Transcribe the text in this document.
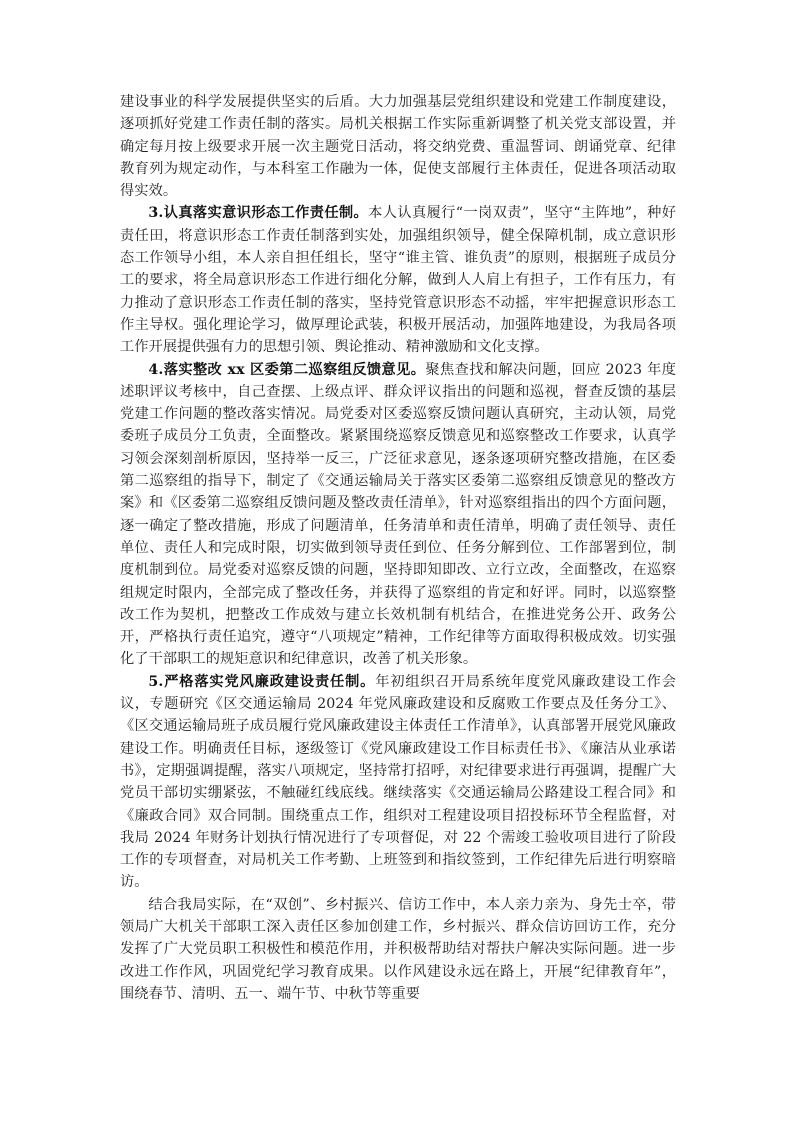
建设事业的科学发展提供坚实的后盾。大力加强基层党组织建设和党建工作制度建设，逐项抓好党建工作责任制的落实。局机关根据工作实际重新调整了机关党支部设置，并确定每月按上级要求开展一次主题党日活动，将交纳党费、重温誓词、朗诵党章、纪律教育列为规定动作，与本科室工作融为一体，促使支部履行主体责任，促进各项活动取得实效。

3.认真落实意识形态工作责任制。本人认真履行“一岗双责”，坚守“主阵地”，种好责任田，将意识形态工作责任制落到实处，加强组织领导，健全保障机制，成立意识形态工作领导小组，本人亲自担任组长，坚守“谁主管、谁负责”的原则，根据班子成员分工的要求，将全局意识形态工作进行细化分解，做到人人肩上有担子，工作有压力，有力推动了意识形态工作责任制的落实，坚持党管意识形态不动摇，牢牢把握意识形态工作主导权。强化理论学习，做厚理论武装，积极开展活动，加强阵地建设，为我局各项工作开展提供强有力的思想引领、舆论推动、精神激励和文化支撑。

4.落实整改 xx 区委第二巡察组反馈意见。聚焦查找和解决问题，回应 2023 年度述职评议考核中，自己查摆、上级点评、群众评议指出的问题和巡视，督查反馈的基层党建工作问题的整改落实情况。局党委对区委巡察反馈问题认真研究，主动认领，局党委班子成员分工负责，全面整改。紧紧围绕巡察反馈意见和巡察整改工作要求，认真学习领会深刻剖析原因，坚持举一反三，广泛征求意见，逐条逐项研究整改措施，在区委第二巡察组的指导下，制定了《交通运输局关于落实区委第二巡察组反馈意见的整改方案》和《区委第二巡察组反馈问题及整改责任清单》，针对巡察组指出的四个方面问题，逐一确定了整改措施，形成了问题清单，任务清单和责任清单，明确了责任领导、责任单位、责任人和完成时限，切实做到领导责任到位、任务分解到位、工作部署到位，制度机制到位。局党委对巡察反馈的问题，坚持即知即改、立行立改，全面整改，在巡察组规定时限内，全部完成了整改任务，并获得了巡察组的肯定和好评。同时，以巡察整改工作为契机，把整改工作成效与建立长效机制有机结合，在推进党务公开、政务公开，严格执行责任追究，遵守“八项规定”精神，工作纪律等方面取得积极成效。切实强化了干部职工的规矩意识和纪律意识，改善了机关形象。

5.严格落实党风廉政建设责任制。年初组织召开局系统年度党风廉政建设工作会议，专题研究《区交通运输局 2024 年党风廉政建设和反腐败工作要点及任务分工》、《区交通运输局班子成员履行党风廉政建设主体责任工作清单》，认真部署开展党风廉政建设工作。明确责任目标，逐级签订《党风廉政建设工作目标责任书》、《廉洁从业承诺书》，定期强调提醒，落实八项规定，坚持常打招呼，对纪律要求进行再强调，提醒广大党员干部切实绷紧弦，不触碰红线底线。继续落实《交通运输局公路建设工程合同》和《廉政合同》双合同制。围绕重点工作，组织对工程建设项目招投标环节全程监督，对我局 2024 年财务计划执行情况进行了专项督促，对 22 个需竣工验收项目进行了阶段工作的专项督查，对局机关工作考勤、上班签到和指纹签到，工作纪律先后进行明察暗访。

结合我局实际，在“双创”、乡村振兴、信访工作中，本人亲力亲为、身先士卒，带领局广大机关干部职工深入责任区参加创建工作，乡村振兴、群众信访回访工作，充分发挥了广大党员职工积极性和模范作用，并积极帮助结对帮扶户解决实际问题。进一步改进工作作风，巩固党纪学习教育成果。以作风建设永远在路上，开展“纪律教育年”，围绕春节、清明、五一、端午节、中秋节等重要
